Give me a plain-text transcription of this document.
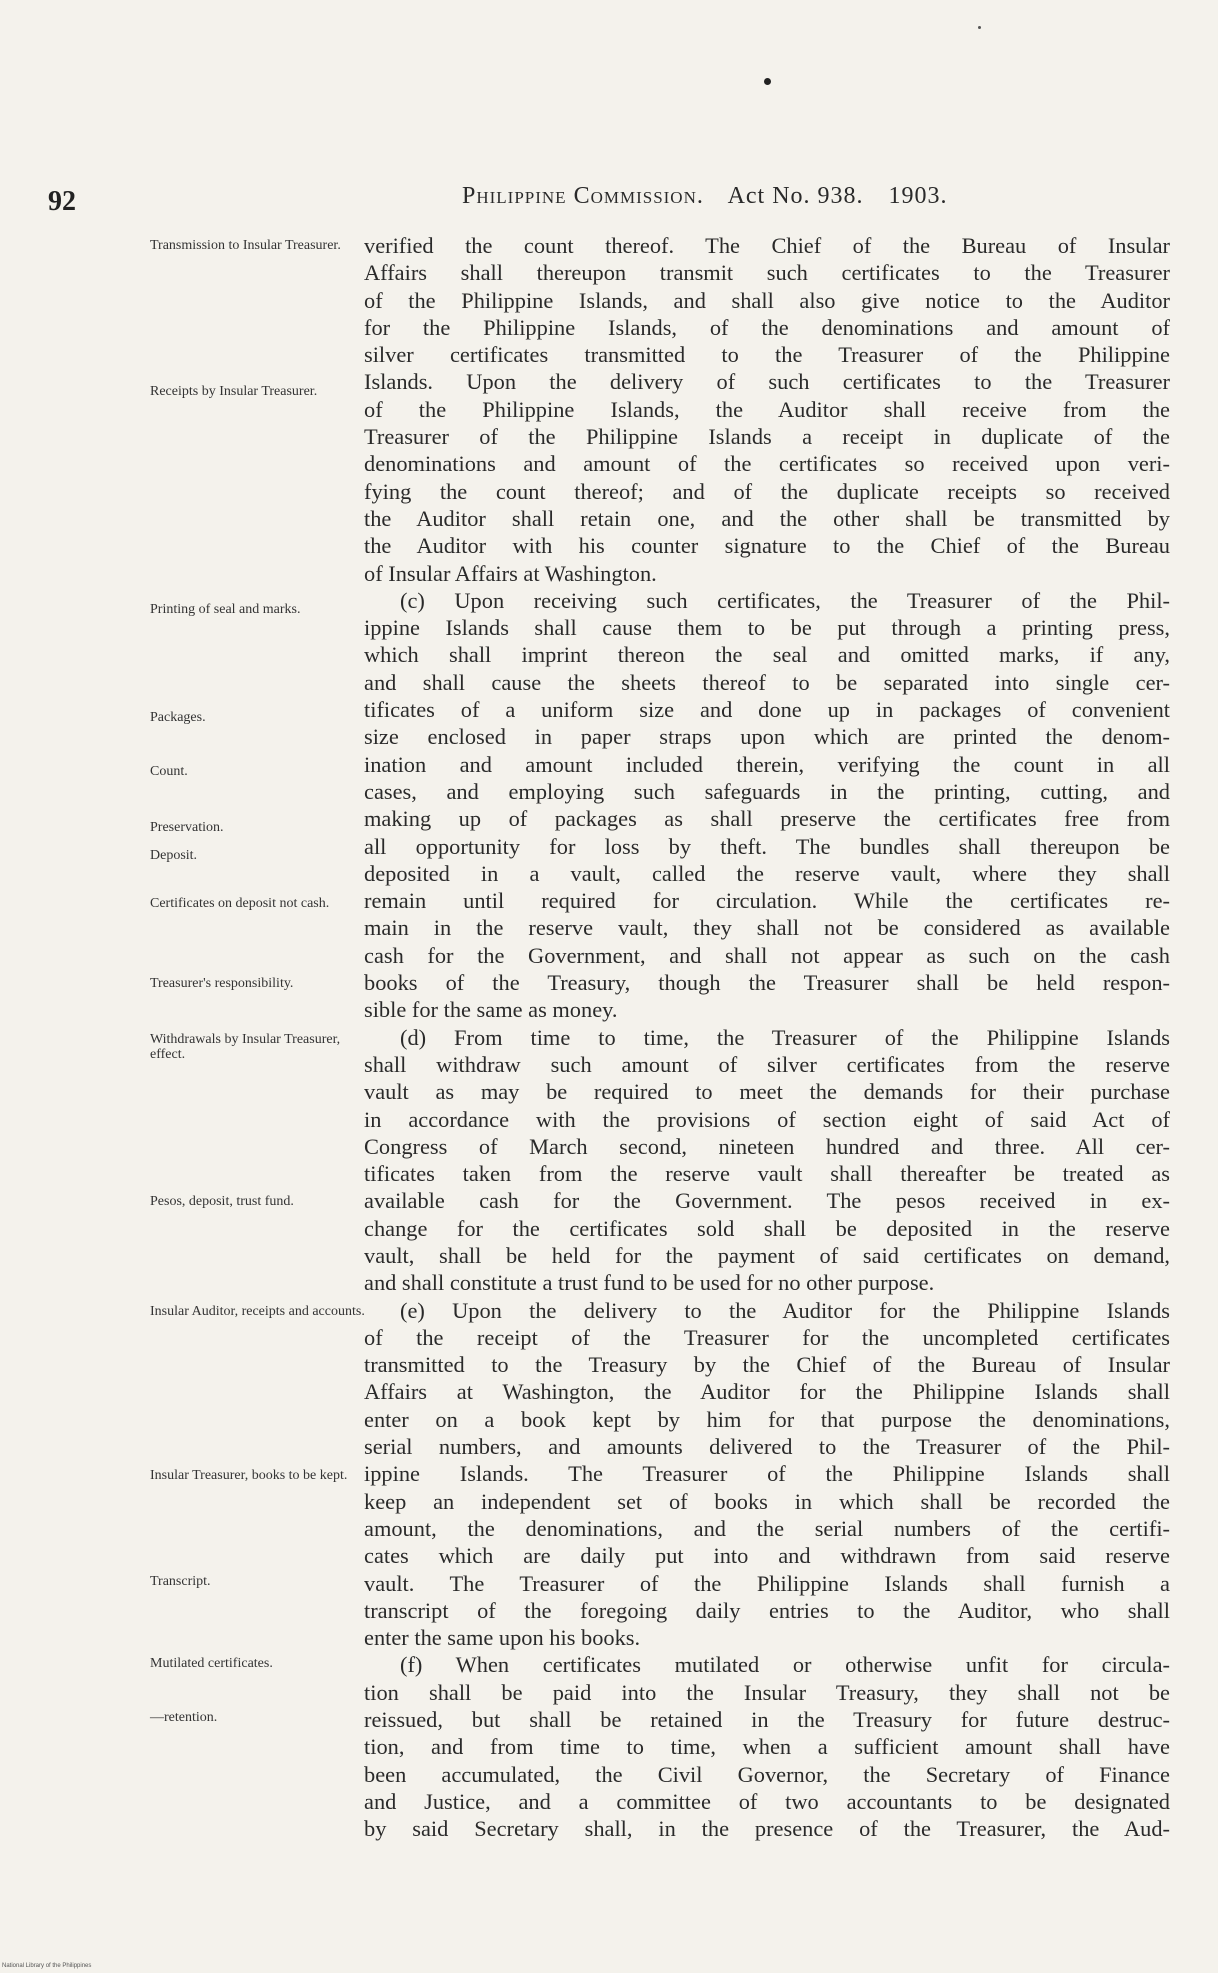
92	Philippine Commission. Act No. 938. 1903.
Transmission to Insular Treasurer.
Receipts by Insular Treasurer.
Printing of seal and marks.
Packages.
Count.
Preservation.
Deposit.
Certificates on deposit not cash.
Treasurer's responsibility.
Withdrawals by Insular Treasurer, effect.
Pesos, deposit, trust fund.
Insular Auditor, receipts and accounts.
Insular Treasurer, books to be kept.
Transcript.
Mutilated certificates.
—retention.
verified the count thereof. The Chief of the Bureau of Insular
Affairs shall thereupon transmit such certificates to the Treasurer
of the Philippine Islands, and shall also give notice to the Auditor
for the Philippine Islands, of the denominations and amount of
silver certificates transmitted to the Treasurer of the Philippine
Islands. Upon the delivery of such certificates to the Treasurer
of the Philippine Islands, the Auditor shall receive from the
Treasurer of the Philippine Islands a receipt in duplicate of the
denominations and amount of the certificates so received upon veri-
fying the count thereof; and of the duplicate receipts so received
the Auditor shall retain one, and the other shall be transmitted by
the Auditor with his counter signature to the Chief of the Bureau
of Insular Affairs at Washington.
(c) Upon receiving such certificates, the Treasurer of the Phil-
ippine Islands shall cause them to be put through a printing press,
which shall imprint thereon the seal and omitted marks, if any,
and shall cause the sheets thereof to be separated into single cer-
tificates of a uniform size and done up in packages of convenient
size enclosed in paper straps upon which are printed the denom-
ination and amount included therein, verifying the count in all
cases, and employing such safeguards in the printing, cutting, and
making up of packages as shall preserve the certificates free from
all opportunity for loss by theft. The bundles shall thereupon be
deposited in a vault, called the reserve vault, where they shall
remain until required for circulation. While the certificates re-
main in the reserve vault, they shall not be considered as available
cash for the Government, and shall not appear as such on the cash
books of the Treasury, though the Treasurer shall be held respon-
sible for the same as money.
(d) From time to time, the Treasurer of the Philippine Islands
shall withdraw such amount of silver certificates from the reserve
vault as may be required to meet the demands for their purchase
in accordance with the provisions of section eight of said Act of
Congress of March second, nineteen hundred and three. All cer-
tificates taken from the reserve vault shall thereafter be treated as
available cash for the Government. The pesos received in ex-
change for the certificates sold shall be deposited in the reserve
vault, shall be held for the payment of said certificates on demand,
and shall constitute a trust fund to be used for no other purpose.
(e) Upon the delivery to the Auditor for the Philippine Islands
of the receipt of the Treasurer for the uncompleted certificates
transmitted to the Treasury by the Chief of the Bureau of Insular
Affairs at Washington, the Auditor for the Philippine Islands shall
enter on a book kept by him for that purpose the denominations,
serial numbers, and amounts delivered to the Treasurer of the Phil-
ippine Islands. The Treasurer of the Philippine Islands shall
keep an independent set of books in which shall be recorded the
amount, the denominations, and the serial numbers of the certifi-
cates which are daily put into and withdrawn from said reserve
vault. The Treasurer of the Philippine Islands shall furnish a
transcript of the foregoing daily entries to the Auditor, who shall
enter the same upon his books.
(f) When certificates mutilated or otherwise unfit for circula-
tion shall be paid into the Insular Treasury, they shall not be
reissued, but shall be retained in the Treasury for future destruc-
tion, and from time to time, when a sufficient amount shall have
been accumulated, the Civil Governor, the Secretary of Finance
and Justice, and a committee of two accountants to be designated
by said Secretary shall, in the presence of the Treasurer, the Aud-
National Library of the Philippines
